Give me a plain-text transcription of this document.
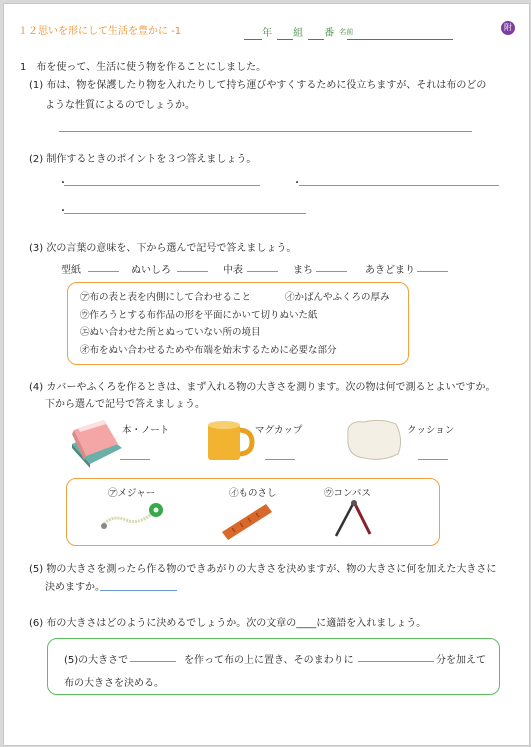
１２思いを形にして生活を豊かに -1	年 組 番 名前	附
1　布を使って、生活に使う物を作ることにしました。
(1) 布は、物を保護したり物を入れたりして持ち運びやすくするために役立ちますが、それは布のどの
ような性質によるのでしょうか。
(2) 制作するときのポイントを３つ答えましょう。
・	・
・
(3) 次の言葉の意味を、下から選んで記号で答えましょう。
型紙	ぬいしろ	中表	まち	あきどまり
㋐布の表と表を内側にして合わせること	㋑かばんやふくろの厚み
㋒作ろうとする布作品の形を平面にかいて切りぬいた紙
㋓ぬい合わせた所とぬっていない所の境目
㋔布をぬい合わせるためや布端を始末するために必要な部分
(4) カバーやふくろを作るときは、まず入れる物の大きさを測ります。次の物は何で測るとよいですか。
下から選んで記号で答えましょう。
本・ノート	マグカップ	クッション
㋐メジャー	㋑ものさし	㋒コンパス
(5) 物の大きさを測ったら作る物のできあがりの大きさを決めますが、物の大きさに何を加えた大きさに
決めますか。
(6) 布の大きさはどのように決めるでしょうか。次の文章の____に適語を入れましょう。
(5)の大きさで	を作って布の上に置き、そのまわりに	分を加えて
布の大きさを決める。
